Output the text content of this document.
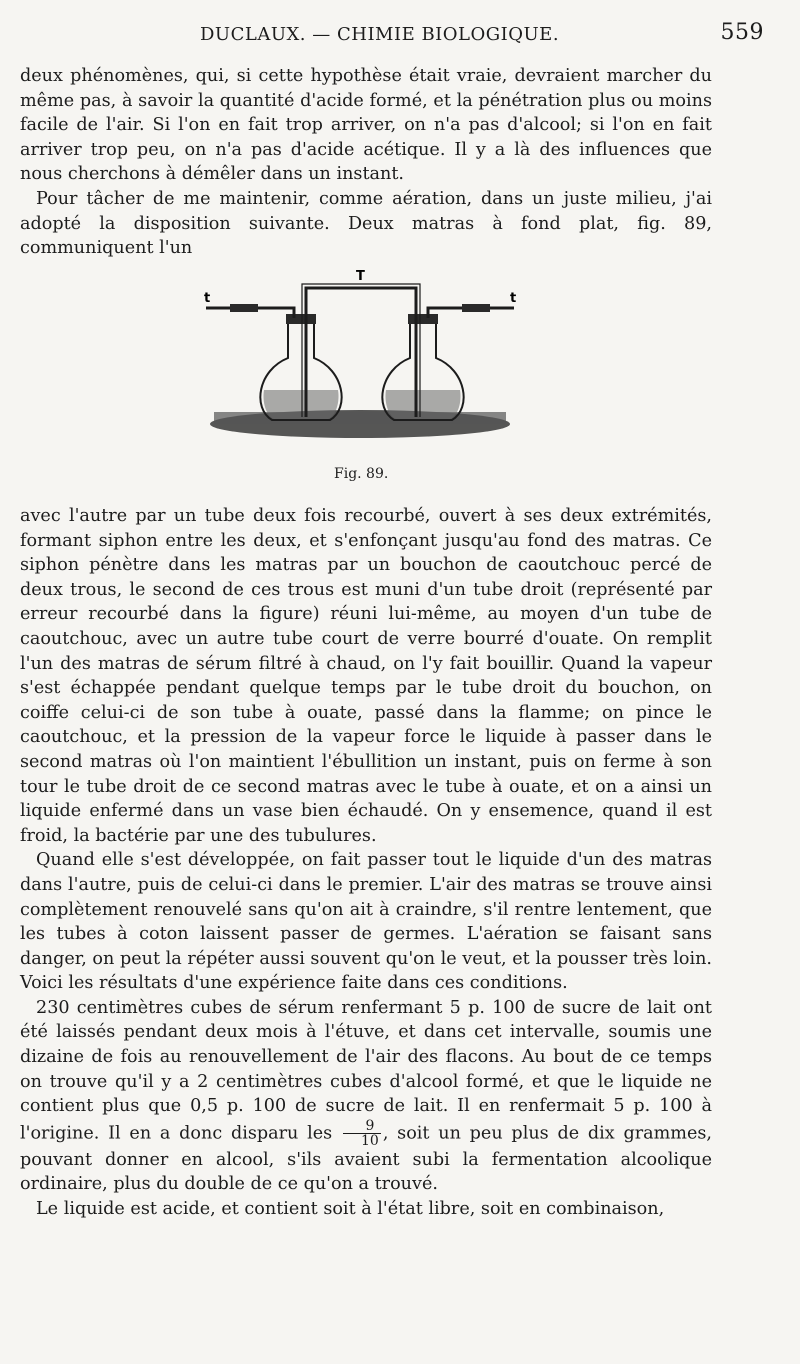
DUCLAUX. — CHIMIE BIOLOGIQUE.	559

deux phénomènes, qui, si cette hypothèse était vraie, devraient marcher du même pas, à savoir la quantité d'acide formé, et la pénétration plus ou moins facile de l'air. Si l'on en fait trop arriver, on n'a pas d'alcool; si l'on en fait arriver trop peu, on n'a pas d'acide acétique. Il y a là des influences que nous cherchons à démêler dans un instant.

Pour tâcher de me maintenir, comme aération, dans un juste milieu, j'ai adopté la disposition suivante. Deux matras à fond plat, fig. 89, communiquent l'un

T
t	t
Fig. 89.

avec l'autre par un tube deux fois recourbé, ouvert à ses deux extrémités, formant siphon entre les deux, et s'enfonçant jusqu'au fond des matras. Ce siphon pénètre dans les matras par un bouchon de caoutchouc percé de deux trous, le second de ces trous est muni d'un tube droit (représenté par erreur recourbé dans la figure) réuni lui-même, au moyen d'un tube de caoutchouc, avec un autre tube court de verre bourré d'ouate. On remplit l'un des matras de sérum filtré à chaud, on l'y fait bouillir. Quand la vapeur s'est échappée pendant quelque temps par le tube droit du bouchon, on coiffe celui-ci de son tube à ouate, passé dans la flamme; on pince le caoutchouc, et la pression de la vapeur force le liquide à passer dans le second matras où l'on maintient l'ébullition un instant, puis on ferme à son tour le tube droit de ce second matras avec le tube à ouate, et on a ainsi un liquide enfermé dans un vase bien échaudé. On y ensemence, quand il est froid, la bactérie par une des tubulures.

Quand elle s'est développée, on fait passer tout le liquide d'un des matras dans l'autre, puis de celui-ci dans le premier. L'air des matras se trouve ainsi complètement renouvelé sans qu'on ait à craindre, s'il rentre lentement, que les tubes à coton laissent passer de germes. L'aération se faisant sans danger, on peut la répéter aussi souvent qu'on le veut, et la pousser très loin. Voici les résultats d'une expérience faite dans ces conditions.

230 centimètres cubes de sérum renfermant 5 p. 100 de sucre de lait ont été laissés pendant deux mois à l'étuve, et dans cet intervalle, soumis une dizaine de fois au renouvellement de l'air des flacons. Au bout de ce temps on trouve qu'il y a 2 centimètres cubes d'alcool formé, et que le liquide ne contient plus que 0,5 p. 100 de sucre de lait. Il en renfermait 5 p. 100 à l'origine. Il en a donc disparu les $\frac{9}{10}$ , soit un peu plus de dix grammes, pouvant donner en alcool, s'ils avaient subi la fermentation alcoolique ordinaire, plus du double de ce qu'on a trouvé.

Le liquide est acide, et contient soit à l'état libre, soit en combinaison,
